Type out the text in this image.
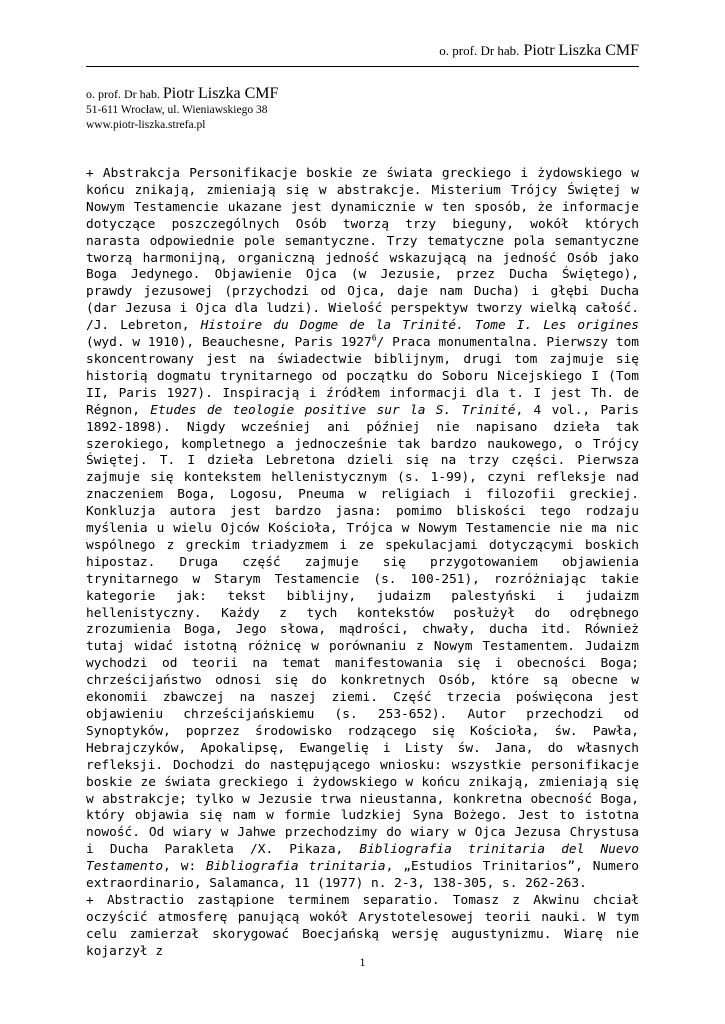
o. prof. Dr hab. Piotr Liszka CMF
o. prof. Dr hab. Piotr Liszka CMF
51-611 Wrocław, ul. Wieniawskiego 38
www.piotr-liszka.strefa.pl

+ Abstrakcja Personifikacje boskie ze świata greckiego i żydowskiego w końcu znikają, zmieniają się w abstrakcje. Misterium Trójcy Świętej w Nowym Testamencie ukazane jest dynamicznie w ten sposób, że informacje dotyczące poszczególnych Osób tworzą trzy bieguny, wokół których narasta odpowiednie pole semantyczne. Trzy tematyczne pola semantyczne tworzą harmonijną, organiczną jedność wskazującą na jedność Osób jako Boga Jedynego. Objawienie Ojca (w Jezusie, przez Ducha Świętego), prawdy jezusowej (przychodzi od Ojca, daje nam Ducha) i głębi Ducha (dar Jezusa i Ojca dla ludzi). Wielość perspektyw tworzy wielką całość. /J. Lebreton, Histoire du Dogme de la Trinité. Tome I. Les origines (wyd. w 1910), Beauchesne, Paris 1927$^6$/ Praca monumentalna. Pierwszy tom skoncentrowany jest na świadectwie biblijnym, drugi tom zajmuje się historią dogmatu trynitarnego od początku do Soboru Nicejskiego I (Tom II, Paris 1927). Inspiracją i źródłem informacji dla t. I jest Th. de Régnon, Etudes de teologie positive sur la S. Trinité, 4 vol., Paris 1892-1898). Nigdy wcześniej ani później nie napisano dzieła tak szerokiego, kompletnego a jednocześnie tak bardzo naukowego, o Trójcy Świętej. T. I dzieła Lebretona dzieli się na trzy części. Pierwsza zajmuje się kontekstem hellenistycznym (s. 1-99), czyni refleksje nad znaczeniem Boga, Logosu, Pneuma w religiach i filozofii greckiej. Konkluzja autora jest bardzo jasna: pomimo bliskości tego rodzaju myślenia u wielu Ojców Kościoła, Trójca w Nowym Testamencie nie ma nic wspólnego z greckim triadyzmem i ze spekulacjami dotyczącymi boskich hipostaz. Druga część zajmuje się przygotowaniem objawienia trynitarnego w Starym Testamencie (s. 100-251), rozróżniając takie kategorie jak: tekst biblijny, judaizm palestyński i judaizm hellenistyczny. Każdy z tych kontekstów posłużył do odrębnego zrozumienia Boga, Jego słowa, mądrości, chwały, ducha itd. Również tutaj widać istotną różnicę w porównaniu z Nowym Testamentem. Judaizm wychodzi od teorii na temat manifestowania się i obecności Boga; chrześcijaństwo odnosi się do konkretnych Osób, które są obecne w ekonomii zbawczej na naszej ziemi. Część trzecia poświęcona jest objawieniu chrześcijańskiemu (s. 253-652). Autor przechodzi od Synoptyków, poprzez środowisko rodzącego się Kościoła, św. Pawła, Hebrajczyków, Apokalipsę, Ewangelię i Listy św. Jana, do własnych refleksji. Dochodzi do następującego wniosku: wszystkie personifikacje boskie ze świata greckiego i żydowskiego w końcu znikają, zmieniają się w abstrakcje; tylko w Jezusie trwa nieustanna, konkretna obecność Boga, który objawia się nam w formie ludzkiej Syna Bożego. Jest to istotna nowość. Od wiary w Jahwe przechodzimy do wiary w Ojca Jezusa Chrystusa i Ducha Parakleta /X. Pikaza, Bibliografia trinitaria del Nuevo Testamento, w: Bibliografia trinitaria, „Estudios Trinitarios”, Numero extraordinario, Salamanca, 11 (1977) n. 2-3, 138-305, s. 262-263.

+ Abstractio zastąpione terminem separatio. Tomasz z Akwinu chciał oczyścić atmosferę panującą wokół Arystotelesowej teorii nauki. W tym celu zamierzał skorygować Boecjańską wersję augustynizmu. Wiarę nie kojarzył z

1
